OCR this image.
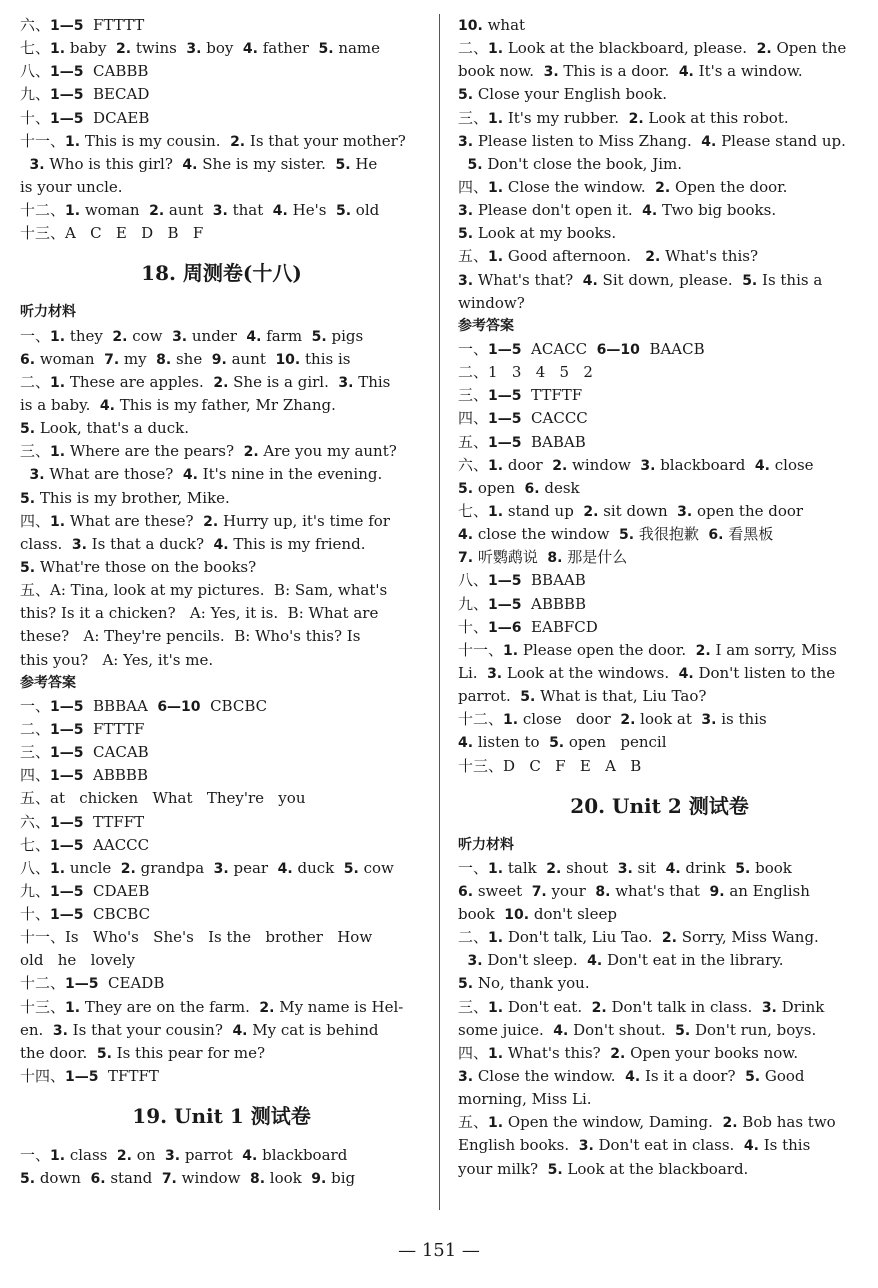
六、1—5  FTTTT
七、1. baby  2. twins  3. boy  4. father  5. name
八、1—5  CABBB
九、1—5  BECAD
十、1—5  DCAEB
十一、1. This is my cousin.  2. Is that your mother?
3. Who is this girl?  4. She is my sister.  5. He
is your uncle.
十二、1. woman  2. aunt  3. that  4. He's  5. old
十三、A   C   E   D   B   F
18. 周测卷(十八)
听力材料
一、1. they  2. cow  3. under  4. farm  5. pigs
6. woman  7. my  8. she  9. aunt  10. this is
二、1. These are apples.  2. She is a girl.  3. This
is a baby.  4. This is my father, Mr Zhang.
5. Look, that's a duck.
三、1. Where are the pears?  2. Are you my aunt?
3. What are those?  4. It's nine in the evening.
5. This is my brother, Mike.
四、1. What are these?  2. Hurry up, it's time for
class.  3. Is that a duck?  4. This is my friend.
5. What're those on the books?
五、A: Tina, look at my pictures.  B: Sam, what's
this? Is it a chicken?   A: Yes, it is.  B: What are
these?   A: They're pencils.  B: Who's this? Is
this you?   A: Yes, it's me.
参考答案
一、1—5  BBBAA  6—10  CBCBC
二、1—5  FTTTF
三、1—5  CACAB
四、1—5  ABBBB
五、at   chicken   What   They're   you
六、1—5  TTFFT
七、1—5  AACCC
八、1. uncle  2. grandpa  3. pear  4. duck  5. cow
九、1—5  CDAEB
十、1—5  CBCBC
十一、Is   Who's   She's   Is the   brother   How
old   he   lovely
十二、1—5  CEADB
十三、1. They are on the farm.  2. My name is Hel-
en.  3. Is that your cousin?  4. My cat is behind
the door.  5. Is this pear for me?
十四、1—5  TFTFT
19. Unit 1 测试卷
一、1. class  2. on  3. parrot  4. blackboard
5. down  6. stand  7. window  8. look  9. big
10. what
二、1. Look at the blackboard, please.  2. Open the
book now.  3. This is a door.  4. It's a window.
5. Close your English book.
三、1. It's my rubber.  2. Look at this robot.
3. Please listen to Miss Zhang.  4. Please stand up.
5. Don't close the book, Jim.
四、1. Close the window.  2. Open the door.
3. Please don't open it.  4. Two big books.
5. Look at my books.
五、1. Good afternoon.   2. What's this?
3. What's that?  4. Sit down, please.  5. Is this a
window?
参考答案
一、1—5  ACACC  6—10  BAACB
二、1   3   4   5   2
三、1—5  TTFTF
四、1—5  CACCC
五、1—5  BABAB
六、1. door  2. window  3. blackboard  4. close
5. open  6. desk
七、1. stand up  2. sit down  3. open the door
4. close the window  5. 我很抱歉  6. 看黑板
7. 听鹦鹉说  8. 那是什么
八、1—5  BBAAB
九、1—5  ABBBB
十、1—6  EABFCD
十一、1. Please open the door.  2. I am sorry, Miss
Li.  3. Look at the windows.  4. Don't listen to the
parrot.  5. What is that, Liu Tao?
十二、1. close   door  2. look at  3. is this
4. listen to  5. open   pencil
十三、D   C   F   E   A   B
20. Unit 2 测试卷
听力材料
一、1. talk  2. shout  3. sit  4. drink  5. book
6. sweet  7. your  8. what's that  9. an English
book  10. don't sleep
二、1. Don't talk, Liu Tao.  2. Sorry, Miss Wang.
3. Don't sleep.  4. Don't eat in the library.
5. No, thank you.
三、1. Don't eat.  2. Don't talk in class.  3. Drink
some juice.  4. Don't shout.  5. Don't run, boys.
四、1. What's this?  2. Open your books now.
3. Close the window.  4. Is it a door?  5. Good
morning, Miss Li.
五、1. Open the window, Daming.  2. Bob has two
English books.  3. Don't eat in class.  4. Is this
your milk?  5. Look at the blackboard.
— 151 —
